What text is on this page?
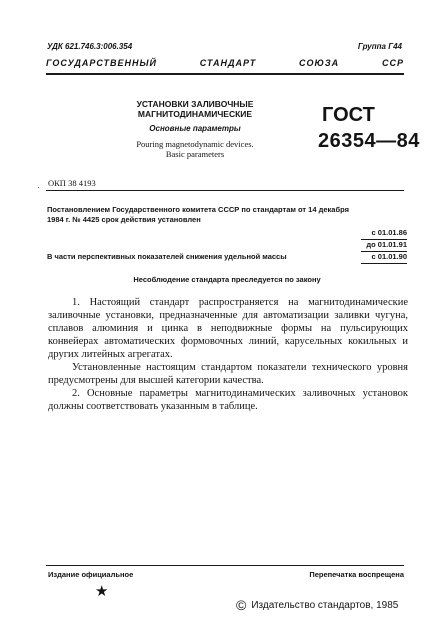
УДК 621.746.3:006.354	Группа Г44
ГОСУДАРСТВЕННЫЙ	СТАНДАРТ	СОЮЗА	ССР
УСТАНОВКИ ЗАЛИВОЧНЫЕ
МАГНИТОДИНАМИЧЕСКИЕ
Основные параметры
Pouring magnetodynamic devices.
Basic parameters
ГОСТ
26354—84
· ОКП 38 4193
Постановлением Государственного комитета СССР по стандартам от 14 декабря
1984 г. № 4425 срок действия установлен
с 01.01.86
до 01.01.91
В части перспективных показателей снижения удельной массы	с 01.01.90
Несоблюдение стандарта преследуется по закону

1. Настоящий стандарт распространяется на магнитодинамические заливочные установки, предназначенные для автоматизации заливки чугуна, сплавов алюминия и цинка в неподвижные формы на пульсирующих конвейерах автоматических формовочных линий, карусельных кокильных и других литейных агрегатах.

Установленные настоящим стандартом показатели технического уровня предусмотрены для высшей категории качества.

2. Основные параметры магнитодинамических заливочных установок должны соответствовать указанным в таблице.

Издание официальное	Перепечатка воспрещена
★
© Издательство стандартов, 1985
